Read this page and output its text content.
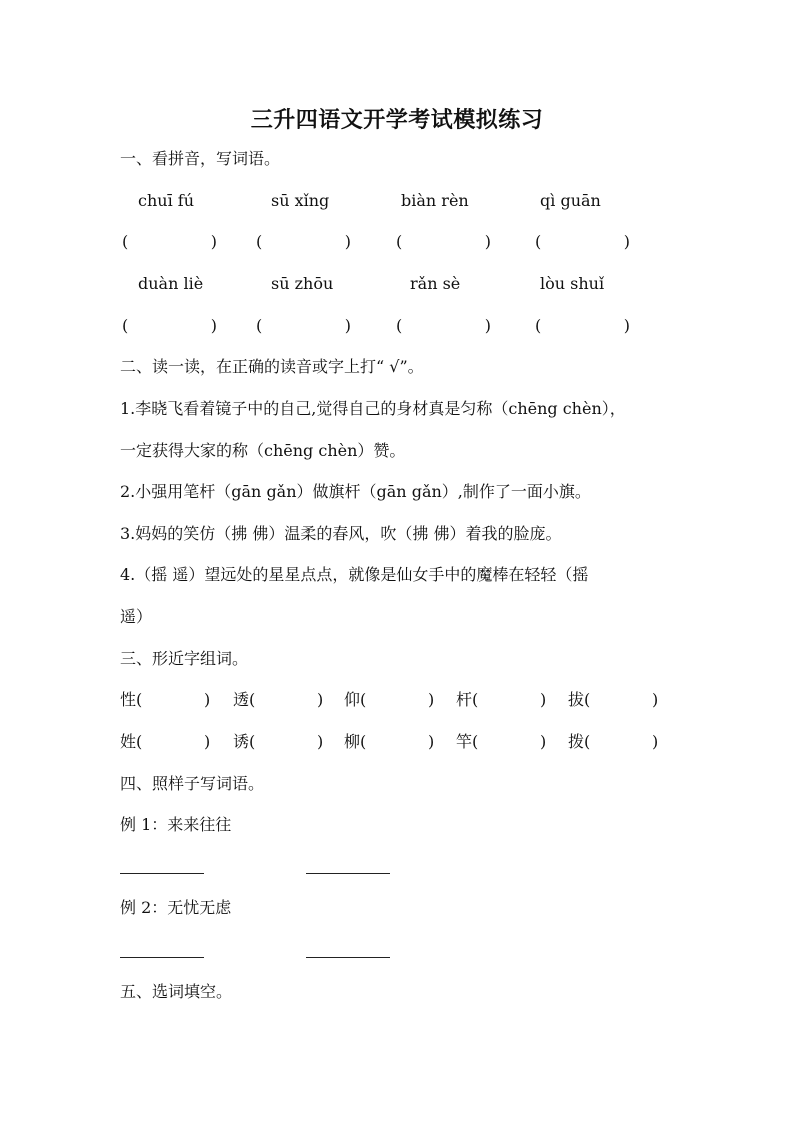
三升四语文开学考试模拟练习
一、看拼音，写词语。
chuī fú	sū xǐng	biàn rèn	qì guān
(	) (	)	(	)	(	)
duàn liè	sū zhōu	rǎn sè	lòu shuǐ
(	) (	)	(	)	(	)
二、读一读，在正确的读音或字上打“ √”。
1.李晓飞看着镜子中的自己,觉得自己的身材真是匀称（chēng chèn），
一定获得大家的称（chēng chèn）赞。
2.小强用笔杆（gān gǎn）做旗杆（gān gǎn）,制作了一面小旗。
3.妈妈的笑仿（拂 佛）温柔的春风，吹（拂 佛）着我的脸庞。
4.（摇 遥）望远处的星星点点，就像是仙女手中的魔棒在轻轻（摇
遥）
三、形近字组词。
性(	) 透(	) 仰(	) 杆(	) 拔(	)
姓(	) 诱(	) 柳(	) 竿(	) 拨(	)
四、照样子写词语。
例 1：来来往往
例 2：无忧无虑
五、选词填空。
